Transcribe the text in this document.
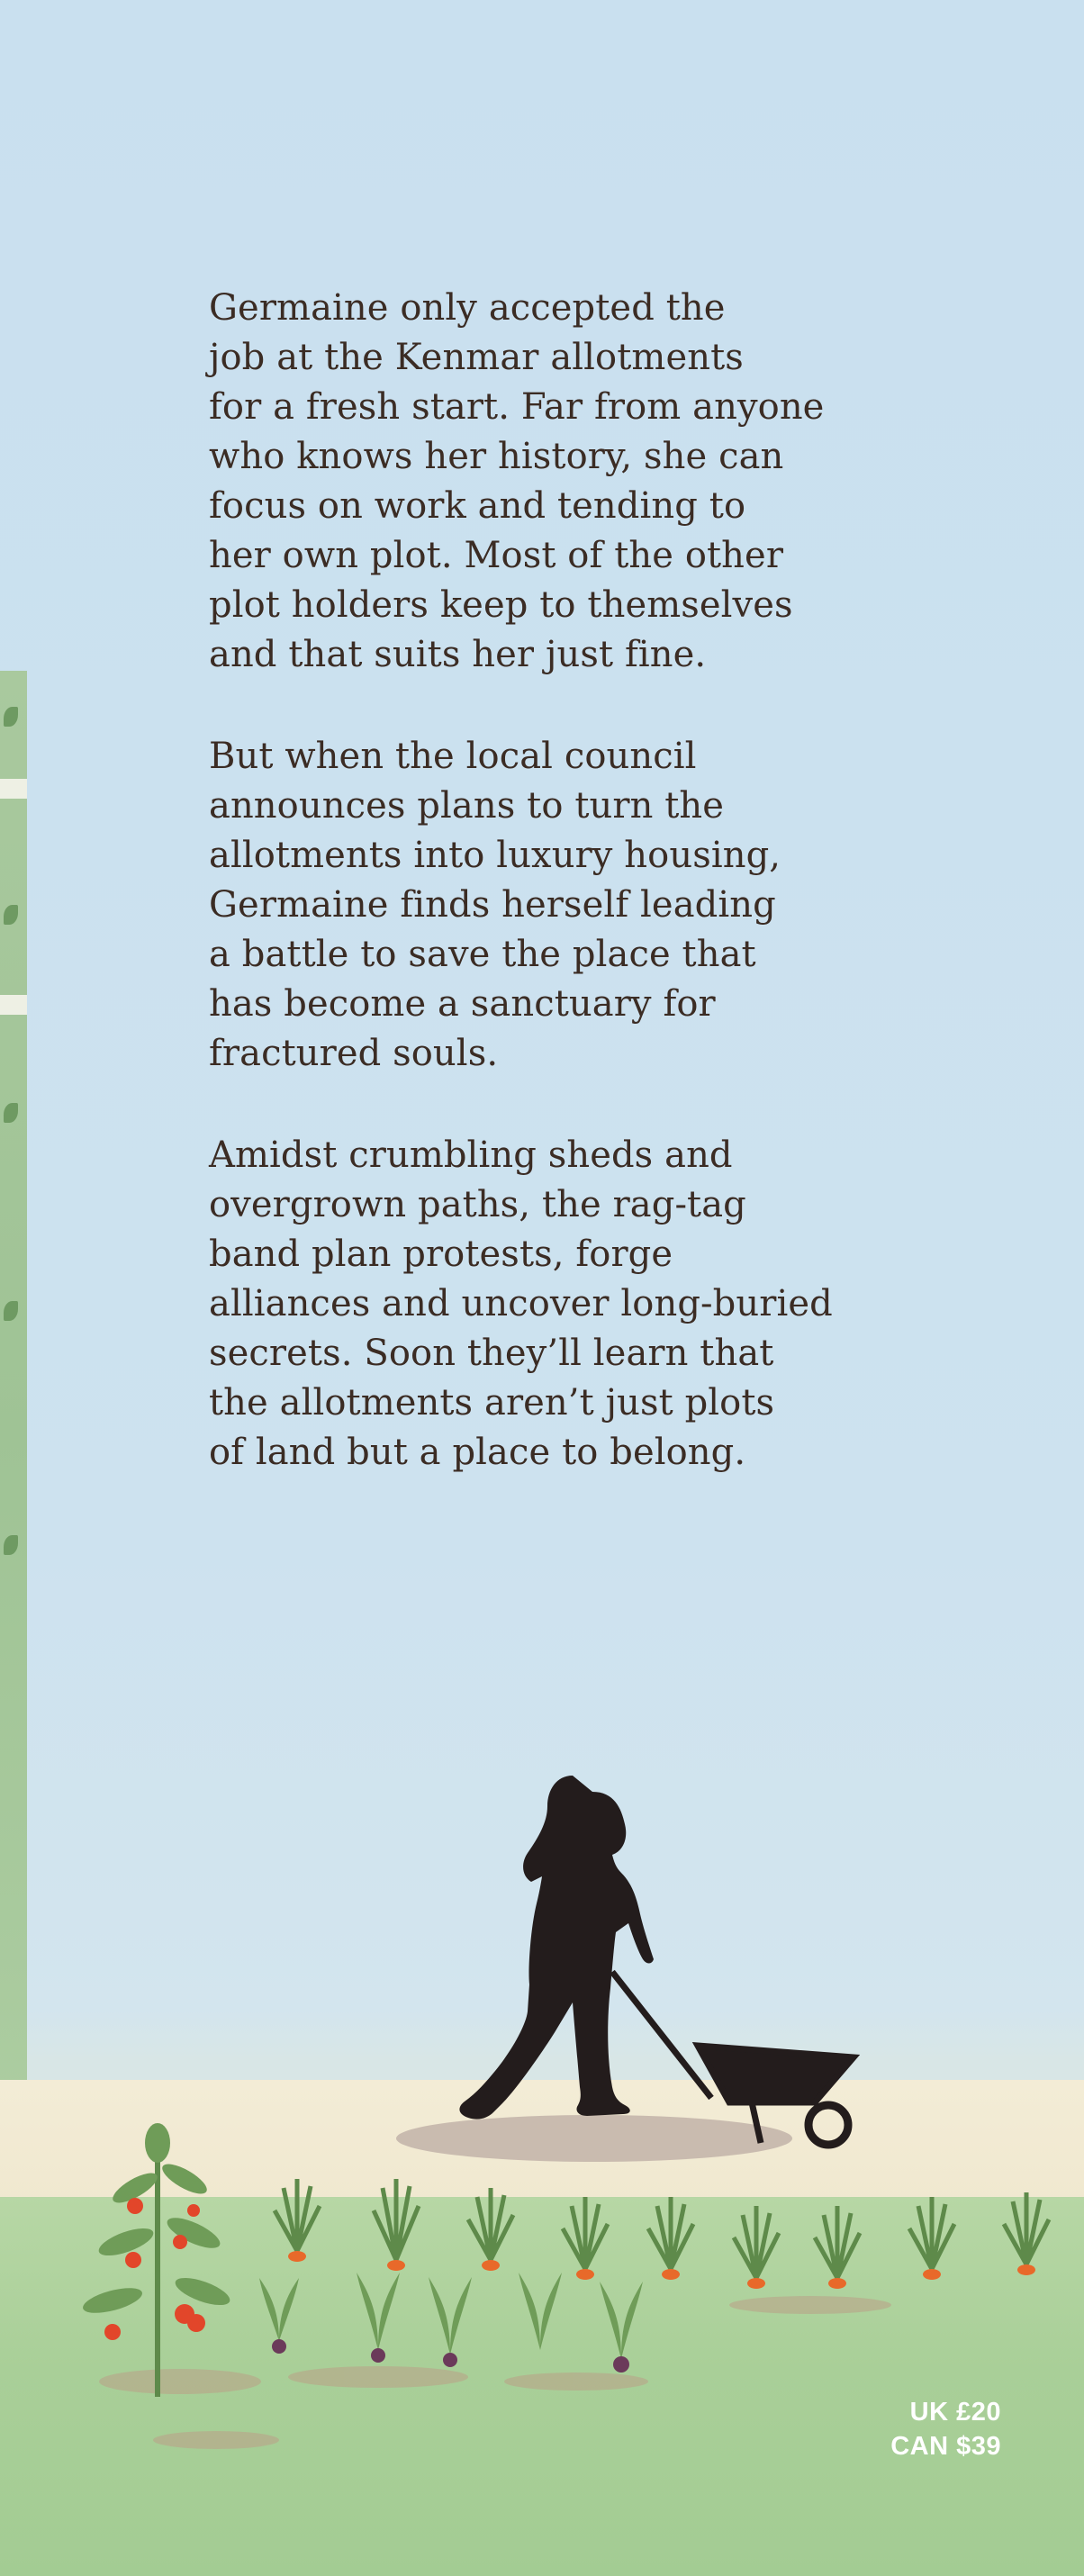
Germaine only accepted the
job at the Kenmar allotments
for a fresh start. Far from anyone
who knows her history, she can
focus on work and tending to
her own plot. Most of the other
plot holders keep to themselves
and that suits her just fine.

But when the local council
announces plans to turn the
allotments into luxury housing,
Germaine finds herself leading
a battle to save the place that
has become a sanctuary for
fractured souls.

Amidst crumbling sheds and
overgrown paths, the rag-tag
band plan protests, forge
alliances and uncover long-buried
secrets. Soon they’ll learn that
the allotments aren’t just plots
of land but a place to belong.

UK £20
CAN $39
